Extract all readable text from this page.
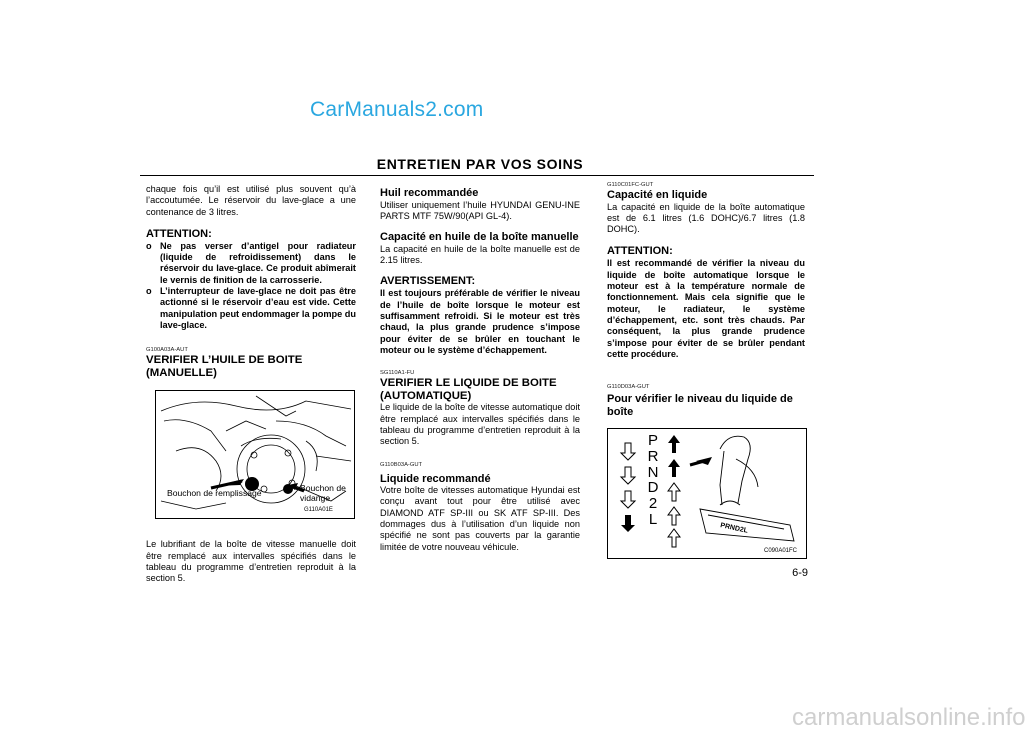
CarManuals2.com
ENTRETIEN PAR VOS SOINS

chaque fois qu’il est utilisé plus souvent qu’à l’accoutumée. Le réservoir du lave-glace a une contenance de 3 litres.

ATTENTION:
o Ne pas verser d’antigel pour radiateur (liquide de refroidissement) dans le réservoir du lave-glace. Ce produit abîmerait le vernis de finition de la carrosserie.
o L’interrupteur de lave-glace ne doit pas être actionné si le réservoir d’eau est vide. Cette manipulation peut endommager la pompe du lave-glace.
G100A03A-AUT
VERIFIER L’HUILE DE BOITE (MANUELLE)

Le lubrifiant de la boîte de vitesse manuelle doit être remplacé aux intervalles spécifiés dans le tableau du programme d’entretien reproduit à la section 5.

Bouchon de remplissage	Bouchon de vidange
G110A01E
Huil recommandée

Utiliser uniquement l’huile HYUNDAI GENU-INE PARTS MTF 75W/90(API GL-4).

Capacité en huile de la boîte manuelle

La capacité en huile de la boîte manuelle est de 2.15 litres.

AVERTISSEMENT:

Il est toujours préférable de vérifier le niveau de l’huile de boîte lorsque le moteur est suffisamment refroidi. Si le moteur est très chaud, la plus grande prudence s’impose pour éviter de se brûler en touchant le moteur ou le système d’échappement.

SG110A1-FU
VERIFIER LE LIQUIDE DE BOITE (AUTOMATIQUE)

Le liquide de la boîte de vitesse automatique doit être remplacé aux intervalles spécifiés dans le tableau du programme d’entretien reproduit à la section 5.

G110B03A-GUT
Liquide recommandé

Votre boîte de vitesses automatique Hyundai est conçu avant tout pour être utilisé avec DIAMOND ATF SP-III ou SK ATF SP-III. Des dommages dus à l’utilisation d’un liquide non spécifié ne sont pas couverts par la garantie limitée de votre nouveau véhicule.

G110C01FC-GUT
Capacité en liquide

La capacité en liquide de la boîte automatique est de 6.1 litres (1.6 DOHC)/6.7 litres (1.8 DOHC).

ATTENTION:

Il est recommandé de vérifier la niveau du liquide de boîte automatique lorsque le moteur est à la température normale de fonctionnement. Mais cela signifie que le moteur, le radiateur, le système d’échappement, etc. sont très chauds. Par conséquent, la plus grande prudence s’impose pour éviter de se brûler pendant cette procédure.

G110D03A-GUT
Pour vérifier le niveau du liquide de boîte
P
R
N
D
2
L
PRND2L
C090A01FC
6-9
carmanualsonline.info
